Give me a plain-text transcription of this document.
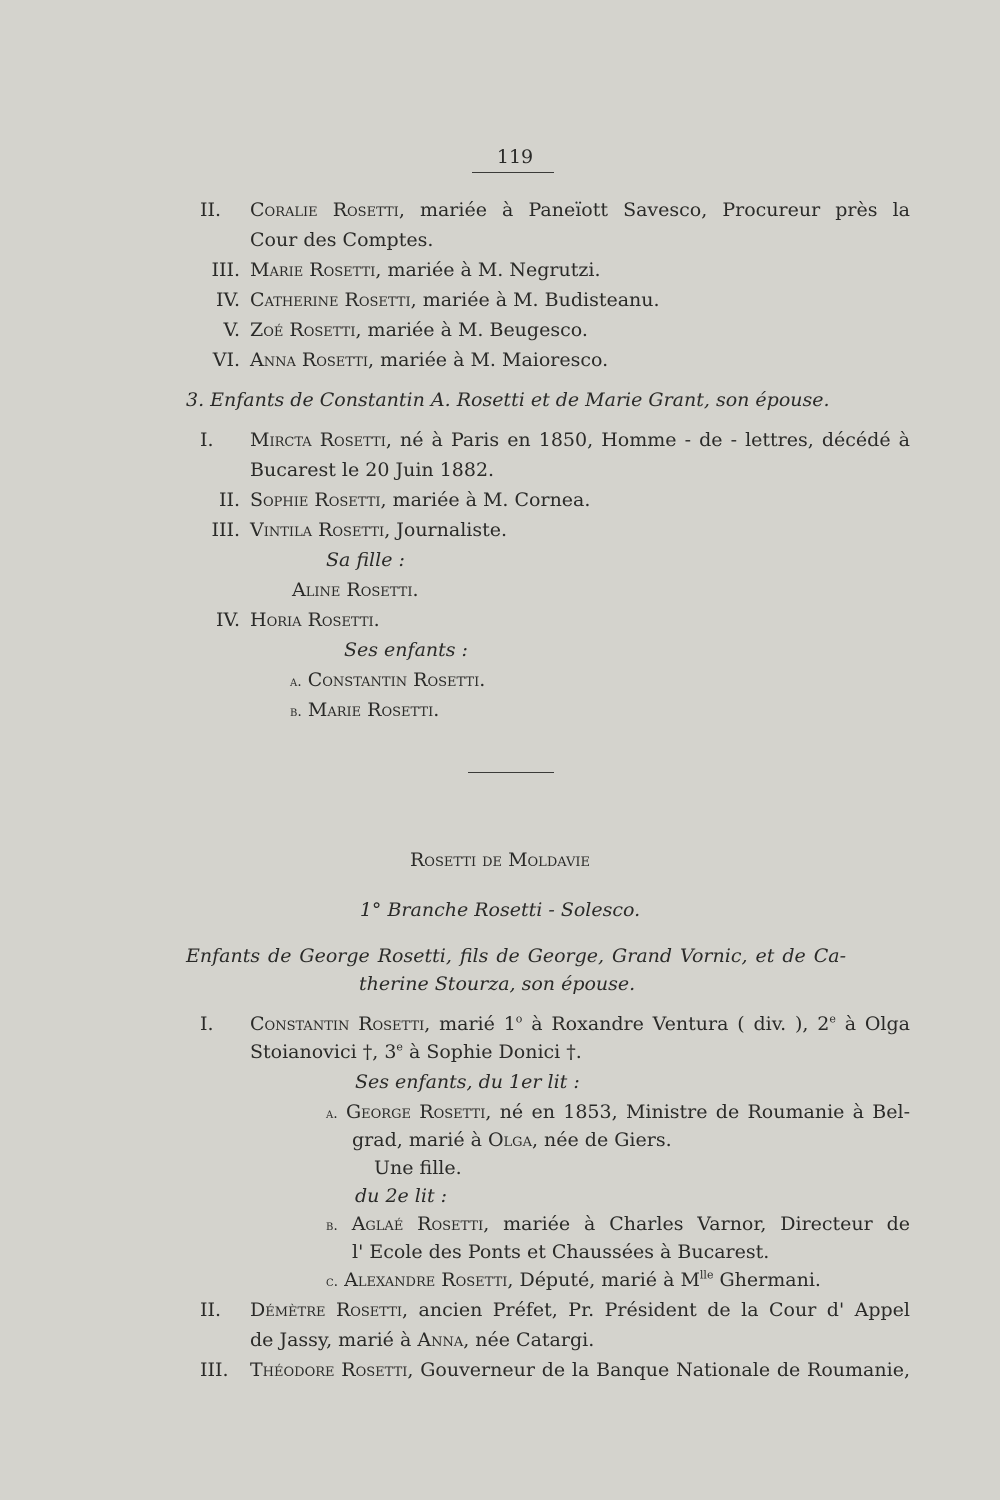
119
II. Coralie Rosetti, mariée à Paneïott Savesco, Procureur près la
Cour des Comptes.
III. Marie Rosetti, mariée à M. Negrutzi.
IV. Catherine Rosetti, mariée à M. Budisteanu.
V. Zoé Rosetti, mariée à M. Beugesco.
VI. Anna Rosetti, mariée à M. Maioresco.
3. Enfants de Constantin A. Rosetti et de Marie Grant, son épouse.
I. Mircta Rosetti, né à Paris en 1850, Homme - de - lettres, décédé à
Bucarest le 20 Juin 1882.
II. Sophie Rosetti, mariée à M. Cornea.
III. Vintila Rosetti, Journaliste.
Sa fille :
Aline Rosetti.
IV. Horia Rosetti.
Ses enfants :
a. Constantin Rosetti.
b. Marie Rosetti.
Rosetti de Moldavie
1° Branche Rosetti - Solesco.
Enfants de George Rosetti, fils de George, Grand Vornic, et de Ca-
therine Stourza, son épouse.
I. Constantin Rosetti, marié 1$^o$ à Roxandre Ventura ( div. ), 2e à Olga
Stoianovici †, 3e à Sophie Donici †.
Ses enfants, du 1er lit :
a. George Rosetti, né en 1853, Ministre de Roumanie à Bel-
grad, marié à Olga, née de Giers.
Une fille.
du 2e lit :
b. Aglaé Rosetti, mariée à Charles Varnor, Directeur de
l' Ecole des Ponts et Chaussées à Bucarest.
c. Alexandre Rosetti, Député, marié à $M^{lle}$ Ghermani.
II. Démètre Rosetti, ancien Préfet, Pr. Président de la Cour d' Appel
de Jassy, marié à Anna, née Catargi.
III. Théodore Rosetti, Gouverneur de la Banque Nationale de Roumanie,
